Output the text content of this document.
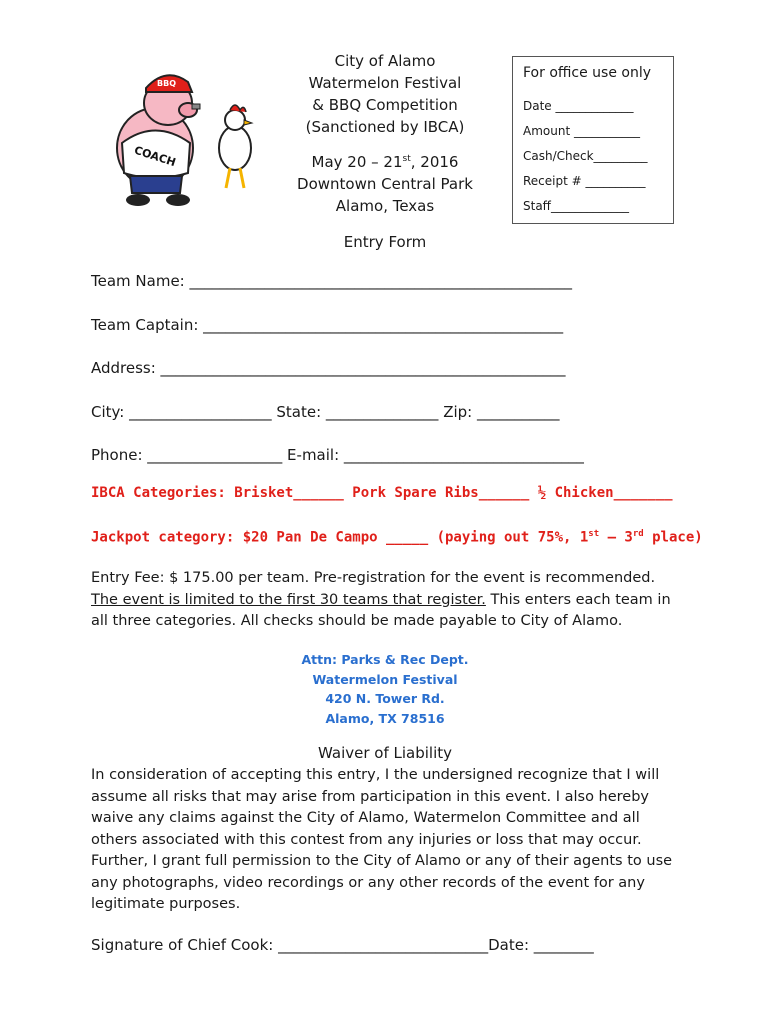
COACH
BBQ
City of Alamo
Watermelon Festival
& BBQ Competition
(Sanctioned by IBCA)
May 20 – 21st, 2016
Downtown Central Park
Alamo, Texas
Entry Form
For office use only
Date _____________
Amount ___________
Cash/Check_________
Receipt # __________
Staff_____________
Team Name: ___________________________________________________
Team Captain: ________________________________________________
Address: ______________________________________________________
City: ___________________ State: _______________ Zip: ___________
Phone: __________________ E-mail: ________________________________
IBCA Categories: Brisket______ Pork Spare Ribs______ ½ Chicken_______
Jackpot category: $20 Pan De Campo _____ (paying out 75%, 1st – 3rd place)
Entry Fee: $ 175.00 per team. Pre-registration for the event is recommended.
The event is limited to the first 30 teams that register. This enters each team in
all three categories. All checks should be made payable to City of Alamo.
Attn: Parks & Rec Dept.
Watermelon Festival
420 N. Tower Rd.
Alamo, TX 78516
Waiver of Liability
In consideration of accepting this entry, I the undersigned recognize that I will assume all risks that may arise from participation in this event. I also hereby waive any claims against the City of Alamo, Watermelon Committee and all others associated with this contest from any injuries or loss that may occur. Further, I grant full permission to the City of Alamo or any of their agents to use any photographs, video recordings or any other records of the event for any legitimate purposes.
Signature of Chief Cook: ____________________________Date: ________
